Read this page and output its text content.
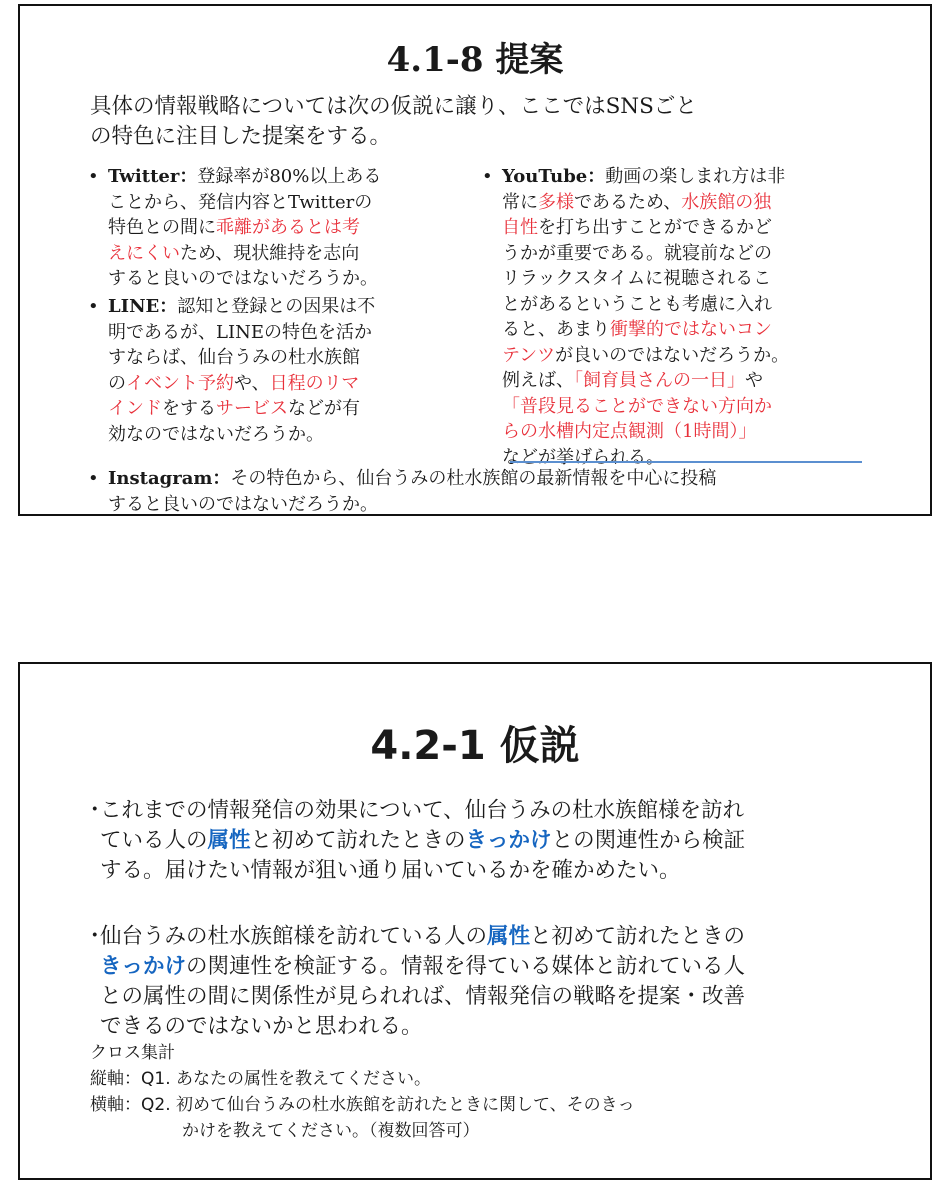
4.1-8 提案
具体の情報戦略については次の仮説に譲り、ここではSNSごと
の特色に注目した提案をする。
• Twitter：登録率が80%以上ある
ことから、発信内容とTwitterの
特色との間に乖離があるとは考
えにくいため、現状維持を志向
すると良いのではないだろうか。
• LINE：認知と登録との因果は不
明であるが、LINEの特色を活か
すならば、仙台うみの杜水族館
のイベント予約や、日程のリマ
インドをするサービスなどが有
効なのではないだろうか。
• YouTube：動画の楽しまれ方は非
常に多様であるため、水族館の独
自性を打ち出すことができるかど
うかが重要である。就寝前などの
リラックスタイムに視聴されるこ
とがあるということも考慮に入れ
ると、あまり衝撃的ではないコン
テンツが良いのではないだろうか。
例えば、「飼育員さんの一日」や
「普段見ることができない方向か
らの水槽内定点観測（1時間）」
などが挙げられる。
• Instagram：その特色から、仙台うみの杜水族館の最新情報を中心に投稿
すると良いのではないだろうか。
4.2-1 仮説
・
これまでの情報発信の効果について、仙台うみの杜水族館様を訪れ
ている人の属性と初めて訪れたときのきっかけとの関連性から検証
する。届けたい情報が狙い通り届いているかを確かめたい。
・
仙台うみの杜水族館様を訪れている人の属性と初めて訪れたときの
きっかけの関連性を検証する。情報を得ている媒体と訪れている人
との属性の間に関係性が見られれば、情報発信の戦略を提案・改善
できるのではないかと思われる。
クロス集計
縦軸：Q1. あなたの属性を教えてください。
横軸：Q2. 初めて仙台うみの杜水族館を訪れたときに関して、そのきっ
かけを教えてください。（複数回答可）
